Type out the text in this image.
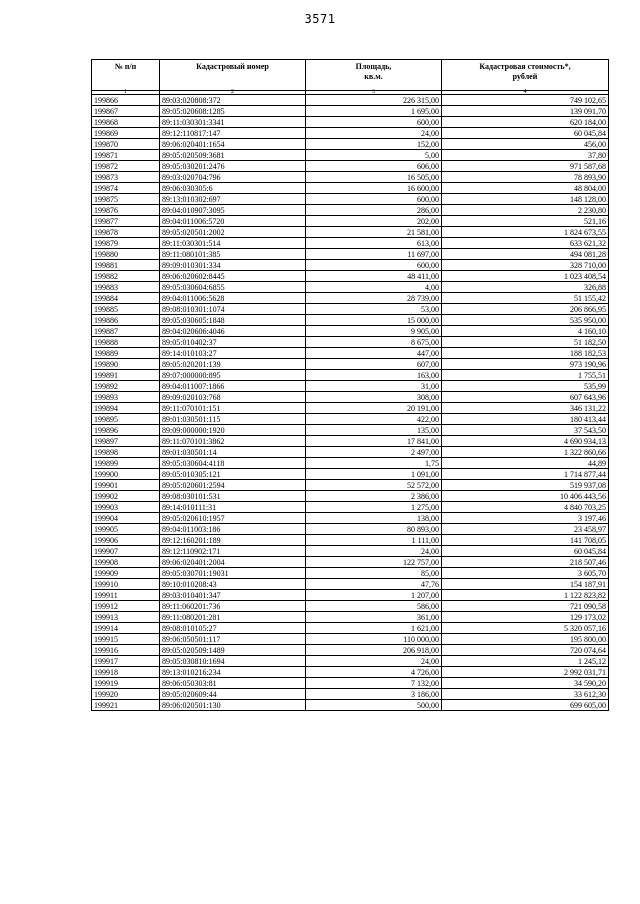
3571
№ п/п	Кадастровый номер	Площадь,
кв.м.	Кадастровая стоимость*,
рублей
1	2	3	4
199866	89:03:020808:372	226 315,00	749 102,65
199867	89:05:020608:1285	1 695,00	139 091,70
199868	89:11:030301:3341	600,00	620 184,00
199869	89:12:110817:147	24,00	60 045,84
199870	89:06:020401:1654	152,00	456,00
199871	89:05:020509:3681	5,00	37,80
199872	89:05:030201:2476	606,00	971 587,68
199873	89:03:020704:796	16 505,00	78 893,90
199874	89:06:030305:6	16 600,00	48 804,00
199875	89:13:010302:697	600,00	148 128,00
199876	89:04:010907:3095	286,00	2 230,80
199877	89:04:011006:5720	202,00	521,16
199878	89:05:020501:2002	21 581,00	1 824 673,55
199879	89:11:030301:514	613,00	633 621,32
199880	89:11:080101:385	11 697,00	494 081,28
199881	89:09:010301:334	600,00	328 710,00
199882	89:06:020602:8445	48 411,00	1 023 408,54
199883	89:05:030604:6855	4,00	326,88
199884	89:04:011006:5628	28 739,00	51 155,42
199885	89:08:010301:1074	53,00	206 866,95
199886	89:05:030605:1848	15 000,00	535 950,00
199887	89:04:020606:4046	9 905,00	4 160,10
199888	89:05:010402:37	8 675,00	51 182,50
199889	89:14:010103:27	447,00	188 182,53
199890	89:05:020201:139	607,00	973 190,96
199891	89:07:000000:895	163,00	1 755,51
199892	89:04:011007:1866	31,00	535,99
199893	89:09:020103:768	308,00	607 643,96
199894	89:11:070101:151	20 191,00	346 131,22
199895	89:01:030501:115	422,00	180 413,44
199896	89:09:000000:1920	135,00	37 543,50
199897	89:11:070101:3862	17 841,00	4 690 934,13
199898	89:01:030501:14	2 497,00	1 322 860,66
199899	89:05:030604:4118	1,75	44,89
199900	89:05:010305:121	1 091,00	1 714 877,44
199901	89:05:020601:2594	52 572,00	519 937,08
199902	89:08:030101:531	2 386,00	10 406 443,56
199903	89:14:010111:31	1 275,00	4 840 703,25
199904	89:05:020610:1957	138,00	3 197,46
199905	89:04:011003:186	80 893,00	23 458,97
199906	89:12:160201:189	1 111,00	141 708,05
199907	89:12:110902:171	24,00	60 045,84
199908	89:06:020401:2004	122 757,00	218 507,46
199909	89:05:030701:19031	85,00	3 605,70
199910	89:10:010208:43	47,76	154 187,91
199911	89:03:010401:347	1 207,00	1 122 823,82
199912	89:11:060201:736	586,00	721 090,58
199913	89:11:080201:281	361,00	129 173,02
199914	89:08:010105:27	1 621,00	5 320 057,16
199915	89:06:050501:117	110 000,00	195 800,00
199916	89:05:020509:1489	206 918,00	720 074,64
199917	89:05:030810:1694	24,00	1 245,12
199918	89:13:010216:234	4 726,00	2 992 031,71
199919	89:06:050303:81	7 132,00	34 590,20
199920	89:05:020609:44	3 186,00	33 612,30
199921	89:06:020501:130	500,00	699 605,00
